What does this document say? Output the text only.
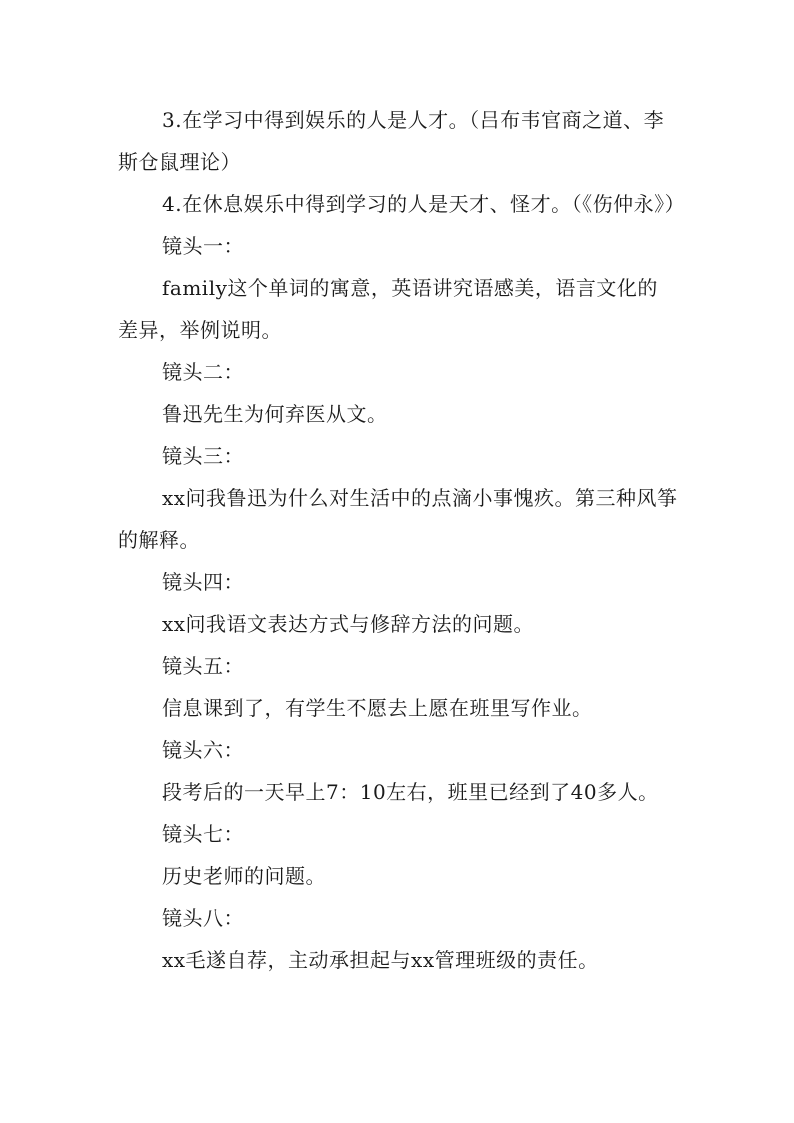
3.在学习中得到娱乐的人是人才。（吕布韦官商之道、李斯仓鼠理论）

4.在休息娱乐中得到学习的人是天才、怪才。（《伤仲永》）

镜头一：

family这个单词的寓意，英语讲究语感美，语言文化的差异，举例说明。

镜头二：

鲁迅先生为何弃医从文。

镜头三：

xx问我鲁迅为什么对生活中的点滴小事愧疚。第三种风筝的解释。

镜头四：

xx问我语文表达方式与修辞方法的问题。

镜头五：

信息课到了，有学生不愿去上愿在班里写作业。

镜头六：

段考后的一天早上7：10左右，班里已经到了40多人。

镜头七：

历史老师的问题。

镜头八：

xx毛遂自荐，主动承担起与xx管理班级的责任。
